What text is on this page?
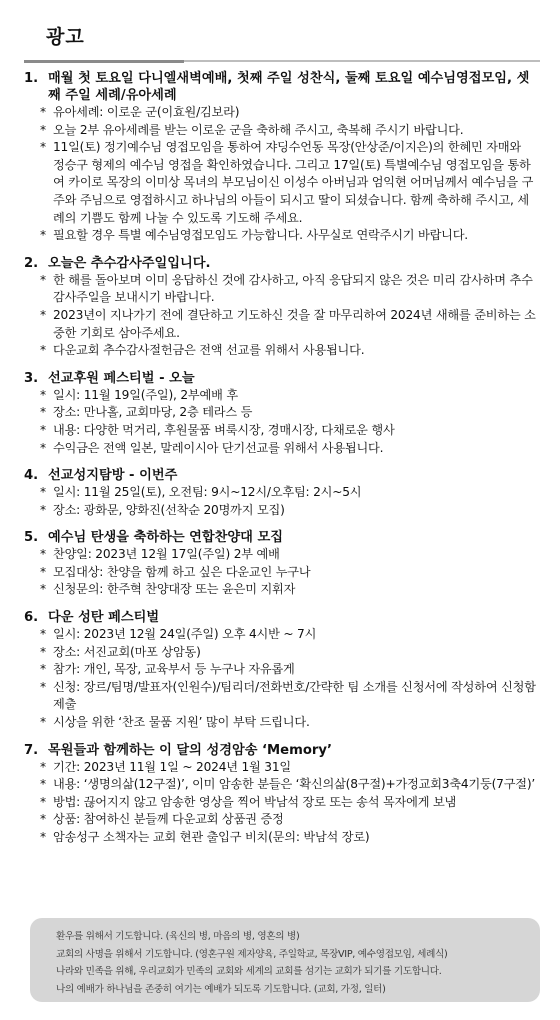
광고
1. 매월 첫 토요일 다니엘새벽예배, 첫째 주일 성찬식, 둘째 토요일 예수님영접모임, 셋째 주일 세례/유아세례
* 유아세례: 이로운 군(이효원/김보라)
* 오늘 2부 유아세례를 받는 이로운 군을 축하해 주시고, 축복해 주시기 바랍니다.
* 11일(토) 정기예수님 영접모임을 통하여 쟈딩수언동 목장(안상준/이지은)의 한혜민 자매와 정승구 형제의 예수님 영접을 확인하였습니다. 그리고 17일(토) 특별예수님 영접모임을 통하여 카이로 목장의 이미상 목녀의 부모님이신 이성수 아버님과 엄익현 어머님께서 예수님을 구주와 주님으로 영접하시고 하나님의 아들이 되시고 딸이 되셨습니다. 함께 축하해 주시고, 세례의 기쁨도 함께 나눌 수 있도록 기도해 주세요.
* 필요할 경우 특별 예수님영접모임도 가능합니다. 사무실로 연락주시기 바랍니다.
2. 오늘은 추수감사주일입니다.
* 한 해를 돌아보며 이미 응답하신 것에 감사하고, 아직 응답되지 않은 것은 미리 감사하며 추수감사주일을 보내시기 바랍니다.
* 2023년이 지나가기 전에 결단하고 기도하신 것을 잘 마무리하여 2024년 새해를 준비하는 소중한 기회로 삼아주세요.
* 다운교회 추수감사절헌금은 전액 선교를 위해서 사용됩니다.
3. 선교후원 페스티벌 - 오늘
* 일시: 11월 19일(주일), 2부예배 후
* 장소: 만나홀, 교회마당, 2층 테라스 등
* 내용: 다양한 먹거리, 후원물품 벼룩시장, 경매시장, 다채로운 행사
* 수익금은 전액 일본, 말레이시아 단기선교를 위해서 사용됩니다.
4. 선교성지탐방 - 이번주
* 일시: 11월 25일(토), 오전팀: 9시~12시/오후팀: 2시~5시
* 장소: 광화문, 양화진(선착순 20명까지 모집)
5. 예수님 탄생을 축하하는 연합찬양대 모집
* 찬양일: 2023년 12월 17일(주일) 2부 예배
* 모집대상: 찬양을 함께 하고 싶은 다운교인 누구나
* 신청문의: 한주혁 찬양대장 또는 윤은미 지휘자
6. 다운 성탄 페스티벌
* 일시: 2023년 12월 24일(주일) 오후 4시반 ~ 7시
* 장소: 서진교회(마포 상암동)
* 참가: 개인, 목장, 교육부서 등 누구나 자유롭게
* 신청: 장르/팀명/발표자(인원수)/팀리더/전화번호/간략한 팀 소개를 신청서에 작성하여 신청함 제출
* 시상을 위한 ‘찬조 물품 지원’ 많이 부탁 드립니다.
7. 목원들과 함께하는 이 달의 성경암송 ‘Memory’
* 기간: 2023년 11월 1일 ~ 2024년 1월 31일
* 내용: ‘생명의삶(12구절)’, 이미 암송한 분들은 ‘확신의삶(8구절)+가정교회3축4기둥(7구절)’
* 방법: 끊어지지 않고 암송한 영상을 찍어 박남석 장로 또는 송석 목자에게 보냄
* 상품: 참여하신 분들께 다운교회 상품권 증정
* 암송성구 소책자는 교회 현관 출입구 비치(문의: 박남석 장로)
환우를 위해서 기도합니다. (육신의 병, 마음의 병, 영혼의 병)
교회의 사명을 위해서 기도합니다. (영혼구원 제자양육, 주일학교, 목장VIP, 예수영접모임, 세례식)
나라와 민족을 위해, 우리교회가 민족의 교회와 세계의 교회를 섬기는 교회가 되기를 기도합니다.
나의 예배가 하나님을 존중히 여기는 예배가 되도록 기도합니다. (교회, 가정, 일터)
